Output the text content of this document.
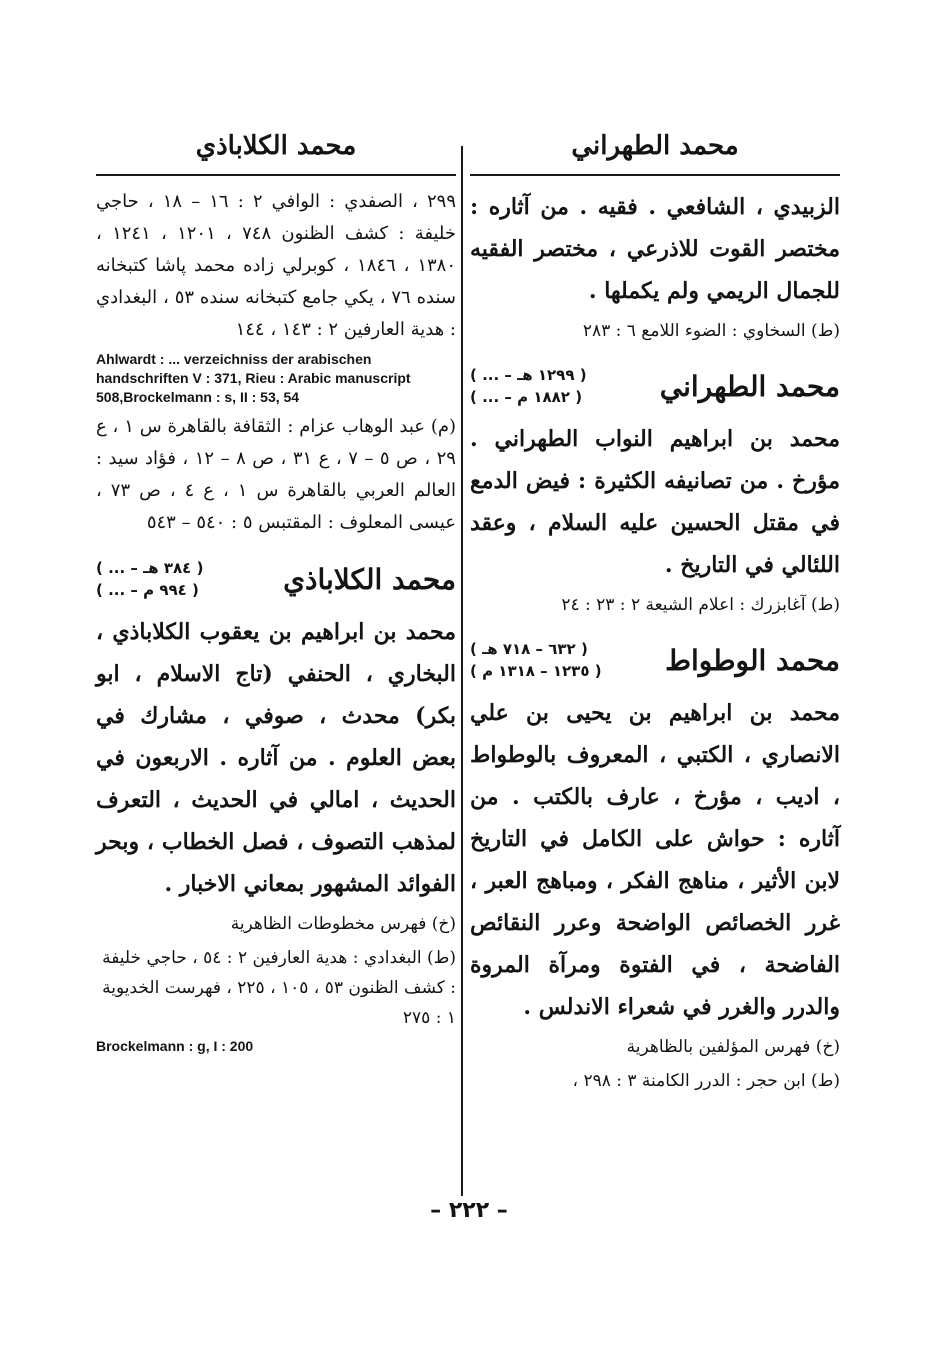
محمد الطهراني
الزبيدي ، الشافعي . فقيه . من آثاره : مختصر القوت للاذرعي ، مختصر الفقيه للجمال الريمي ولم يكملها .
(ط) السخاوي : الضوء اللامع ٦ : ٢٨٣
محمد الطهراني
( ... – ١٢٩٩ هـ )
( ... – ١٨٨٢ م )
محمد بن ابراهيم النواب الطهراني . مؤرخ . من تصانيفه الكثيرة : فيض الدمع في مقتل الحسين عليه السلام ، وعقد اللئالي في التاريخ .
(ط) آغابزرك : اعلام الشيعة ٢ : ٢٣ : ٢٤
محمد الوطواط
( ٦٣٢ – ٧١٨ هـ )
( ١٢٣٥ – ١٣١٨ م )
محمد بن ابراهيم بن يحيى بن علي الانصاري ، الكتبي ، المعروف بالوطواط ، اديب ، مؤرخ ، عارف بالكتب . من آثاره : حواش على الكامل في التاريخ لابن الأثير ، مناهج الفكر ، ومباهج العبر ، غرر الخصائص الواضحة وعرر النقائص الفاضحة ، في الفتوة ومرآة المروة والدرر والغرر في شعراء الاندلس .
(خ) فهرس المؤلفين بالظاهرية
(ط) ابن حجر : الدرر الكامنة ٣ : ٢٩٨ ،
محمد الكلاباذي
٢٩٩ ، الصفدي : الوافي ٢ : ١٦ – ١٨ ، حاجي خليفة : كشف الظنون ٧٤٨ ، ١٢٠١ ، ١٢٤١ ، ١٣٨٠ ، ١٨٤٦ ، كوبرلي زاده محمد پاشا كتبخانه سنده ٧٦ ، يكي جامع كتبخانه سنده ٥٣ ، البغدادي : هدية العارفين ٢ : ١٤٣ ، ١٤٤
Ahlwardt : ... verzeichniss der arabischen handschriften V : 371, Rieu : Arabic manuscript 508,Brockelmann : s, II : 53, 54
(م) عبد الوهاب عزام : الثقافة بالقاهرة س ١ ، ع ٢٩ ، ص ٥ – ٧ ، ع ٣١ ، ص ٨ – ١٢ ، فؤاد سيد : العالم العربي بالقاهرة س ١ ، ع ٤ ، ص ٧٣ ، عيسى المعلوف : المقتبس ٥ : ٥٤٠ – ٥٤٣
محمد الكلاباذي
( ... – ٣٨٤ هـ )
( ... – ٩٩٤ م )
محمد بن ابراهيم بن يعقوب الكلاباذي ، البخاري ، الحنفي (تاج الاسلام ، ابو بكر) محدث ، صوفي ، مشارك في بعض العلوم . من آثاره . الاربعون في الحديث ، امالي في الحديث ، التعرف لمذهب التصوف ، فصل الخطاب ، وبحر الفوائد المشهور بمعاني الاخبار .
(خ) فهرس مخطوطات الظاهرية
(ط) البغدادي : هدية العارفين ٢ : ٥٤ ، حاجي خليفة : كشف الظنون ٥٣ ، ١٠٥ ، ٢٢٥ ، فهرست الخديوية ١ : ٢٧٥
Brockelmann : g, I : 200
– ٢٢٢ –
